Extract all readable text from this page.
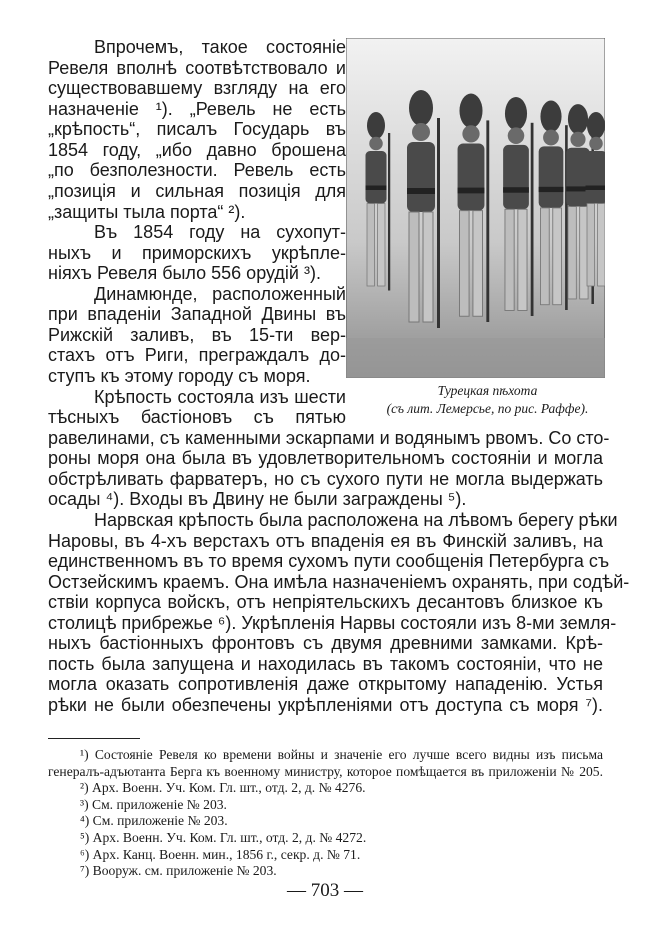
Впрочемъ, такое состояніе
Ревеля вполнѣ соотвѣтствовало и
существовавшему взгляду на его
назначеніе ¹). „Ревель не есть
„крѣпость“, писалъ Государь въ
1854 году, „ибо давно брошена
„по безполезности. Ревель есть
„позиція и сильная позиція для
„защиты тыла порта“ ²).
Въ 1854 году на сухопут-
ныхъ и приморскихъ укрѣпле-
ніяхъ Ревеля было 556 орудій ³).
Динамюнде, расположенный
при впаденіи Западной Двины въ
Рижскій заливъ, въ 15-ти вер-
стахъ отъ Риги, преграждалъ до-
ступъ къ этому городу съ моря.
Крѣпость состояла изъ шести
тѣсныхъ бастіоновъ съ пятью
равелинами, съ каменными эскарпами и водянымъ рвомъ. Со сто-
роны моря она была въ удовлетворительномъ состояніи и могла
обстрѣливать фарватеръ, но съ сухого пути не могла выдержать
осады ⁴). Входы въ Двину не были заграждены ⁵).
Нарвская крѣпость была расположена на лѣвомъ берегу рѣки
Наровы, въ 4-хъ верстахъ отъ впаденія ея въ Финскій заливъ, на
единственномъ въ то время сухомъ пути сообщенія Петербурга съ
Остзейскимъ краемъ. Она имѣла назначеніемъ охранять, при содѣй-
ствіи корпуса войскъ, отъ непріятельскихъ десантовъ близкое къ
столицѣ прибрежье ⁶). Укрѣпленія Нарвы состояли изъ 8-ми земля-
ныхъ бастіонныхъ фронтовъ съ двумя древними замками. Крѣ-
пость была запущена и находилась въ такомъ состояніи, что не
могла оказать сопротивленія даже открытому нападенію. Устья
рѣки не были обезпечены укрѣпленіями отъ доступа съ моря ⁷).
Турецкая пѣхота
(съ лит. Лемерсье, по рис. Раффе).
¹) Состояніе Ревеля ко времени войны и значеніе его лучше всего видны изъ письма
генералъ-адъютанта Берга къ военному министру, которое помѣщается въ приложеніи № 205.
²) Арх. Военн. Уч. Ком. Гл. шт., отд. 2, д. № 4276.
³) См. приложеніе № 203.
⁴) См. приложеніе № 203.
⁵) Арх. Военн. Уч. Ком. Гл. шт., отд. 2, д. № 4272.
⁶) Арх. Канц. Военн. мин., 1856 г., секр. д. № 71.
⁷) Вооруж. см. приложеніе № 203.
— 703 —
